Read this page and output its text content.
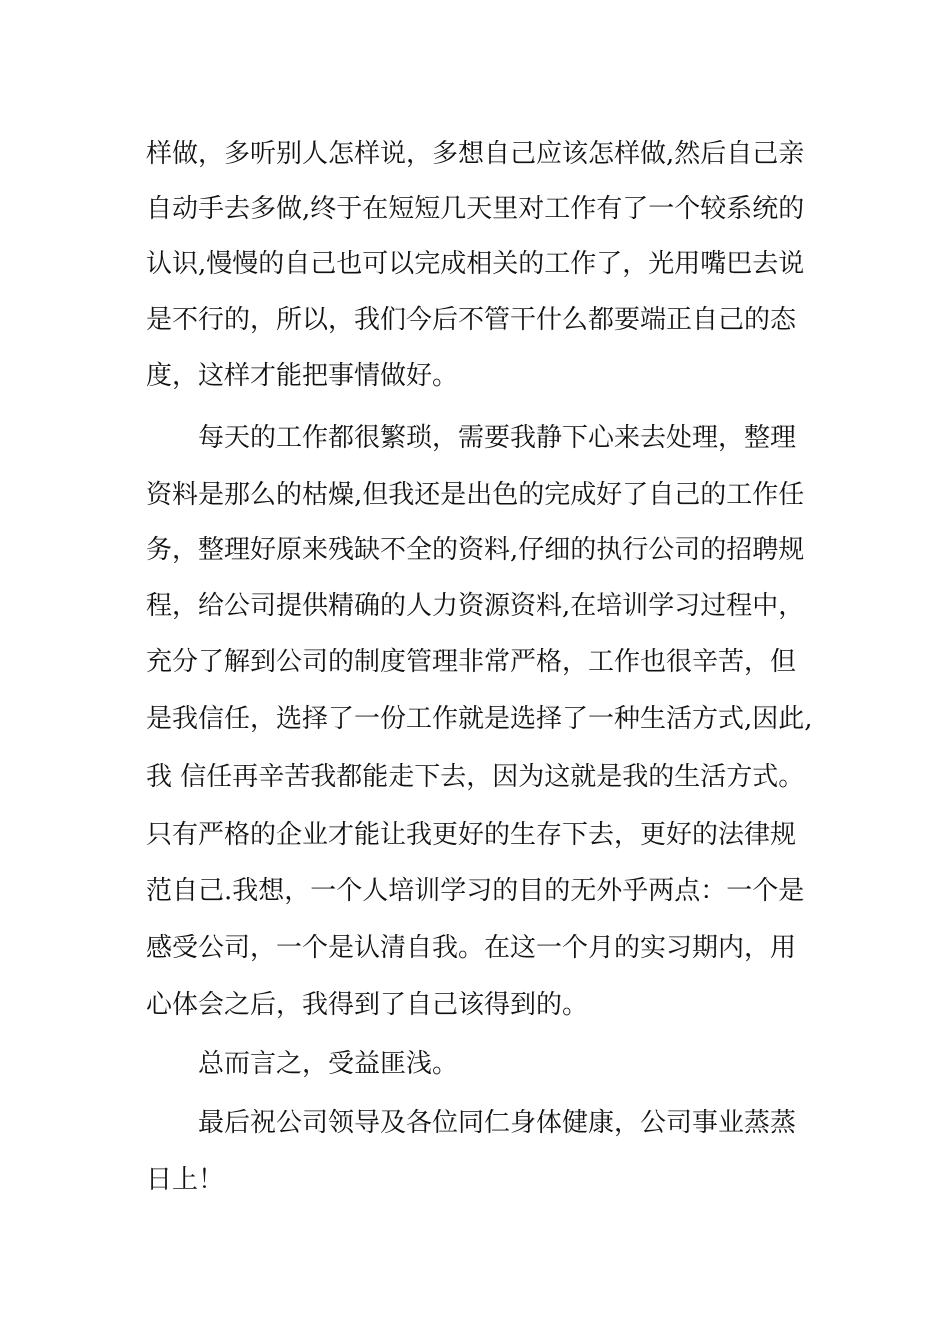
样做，多听别人怎样说，多想自己应该怎样做,然后自己亲
自动手去多做,终于在短短几天里对工作有了一个较系统的
认识,慢慢的自己也可以完成相关的工作了，光用嘴巴去说
是不行的，所以，我们今后不管干什么都要端正自己的态
度，这样才能把事情做好。
每天的工作都很繁琐，需要我静下心来去处理，整理
资料是那么的枯燥,但我还是出色的完成好了自己的工作任
务，整理好原来残缺不全的资料,仔细的执行公司的招聘规
程，给公司提供精确的人力资源资料,在培训学习过程中，
充分了解到公司的制度管理非常严格，工作也很辛苦，但
是我信任，选择了一份工作就是选择了一种生活方式,因此,
我 信任再辛苦我都能走下去，因为这就是我的生活方式。
只有严格的企业才能让我更好的生存下去，更好的法律规
范自己.我想，一个人培训学习的目的无外乎两点：一个是
感受公司，一个是认清自我。在这一个月的实习期内，用
心体会之后，我得到了自己该得到的。
总而言之，受益匪浅。
最后祝公司领导及各位同仁身体健康，公司事业蒸蒸
日上！
